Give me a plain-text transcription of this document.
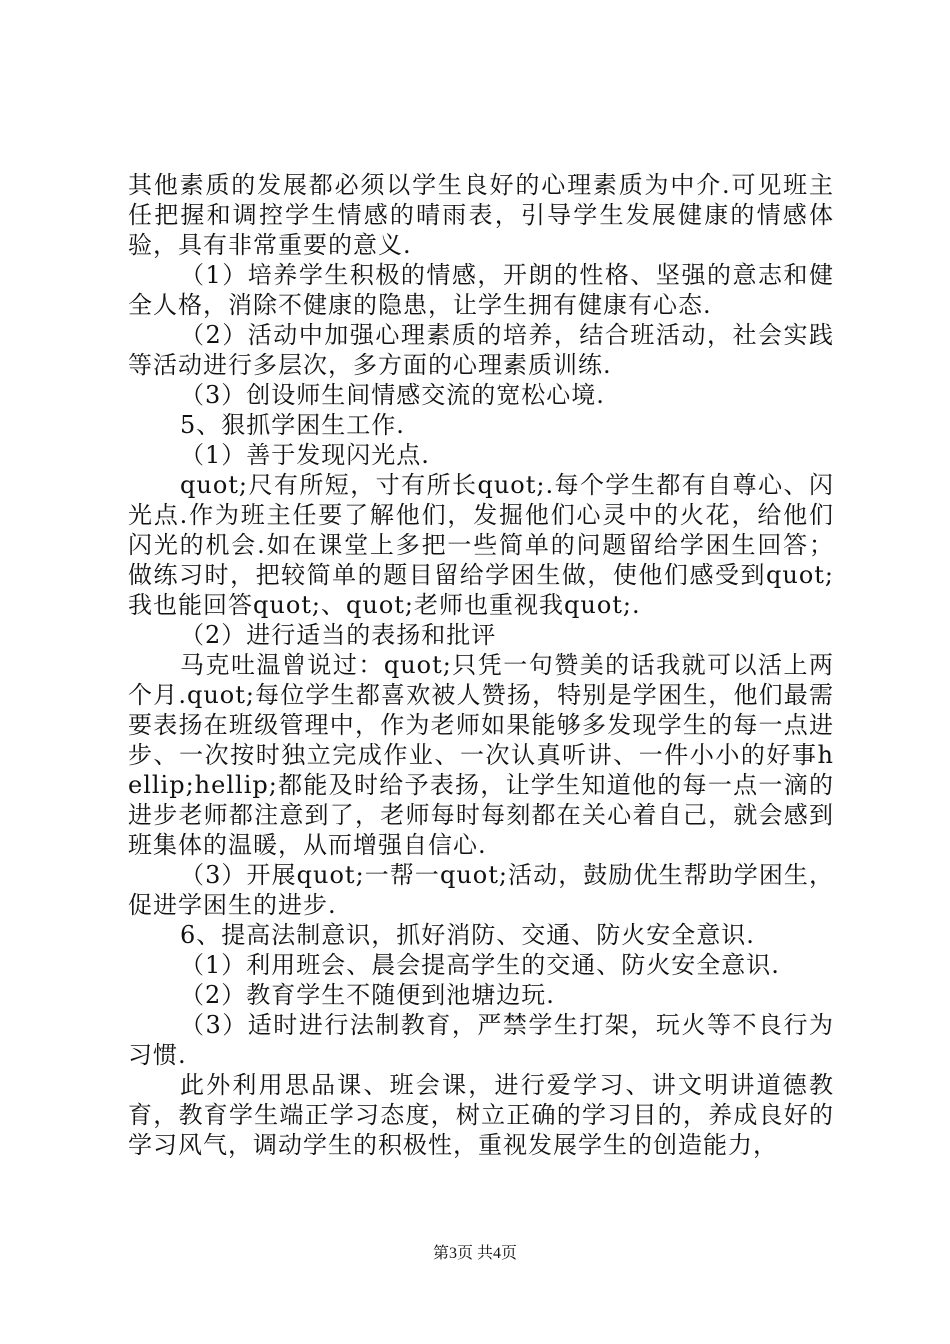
其他素质的发展都必须以学生良好的心理素质为中介.可见班主任把握和调控学生情感的晴雨表，引导学生发展健康的情感体验，具有非常重要的意义.

（1）培养学生积极的情感，开朗的性格、坚强的意志和健全人格，消除不健康的隐患，让学生拥有健康有心态.

（2）活动中加强心理素质的培养，结合班活动，社会实践等活动进行多层次，多方面的心理素质训练.

（3）创设师生间情感交流的宽松心境.

5、狠抓学困生工作.

（1）善于发现闪光点.

quot;尺有所短，寸有所长quot;.每个学生都有自尊心、闪光点.作为班主任要了解他们，发掘他们心灵中的火花，给他们闪光的机会.如在课堂上多把一些简单的问题留给学困生回答；做练习时，把较简单的题目留给学困生做，使他们感受到quot;我也能回答quot;、quot;老师也重视我quot;.

（2）进行适当的表扬和批评

马克吐温曾说过：quot;只凭一句赞美的话我就可以活上两个月.quot;每位学生都喜欢被人赞扬，特别是学困生，他们最需要表扬在班级管理中，作为老师如果能够多发现学生的每一点进步、一次按时独立完成作业、一次认真听讲、一件小小的好事hellip;hellip;都能及时给予表扬，让学生知道他的每一点一滴的进步老师都注意到了，老师每时每刻都在关心着自己，就会感到班集体的温暖，从而增强自信心.

（3）开展quot;一帮一quot;活动，鼓励优生帮助学困生，促进学困生的进步.

6、提高法制意识，抓好消防、交通、防火安全意识.

（1）利用班会、晨会提高学生的交通、防火安全意识.

（2）教育学生不随便到池塘边玩.

（3）适时进行法制教育，严禁学生打架，玩火等不良行为习惯.

此外利用思品课、班会课，进行爱学习、讲文明讲道德教育，教育学生端正学习态度，树立正确的学习目的，养成良好的学习风气，调动学生的积极性，重视发展学生的创造能力，

第3页 共4页
